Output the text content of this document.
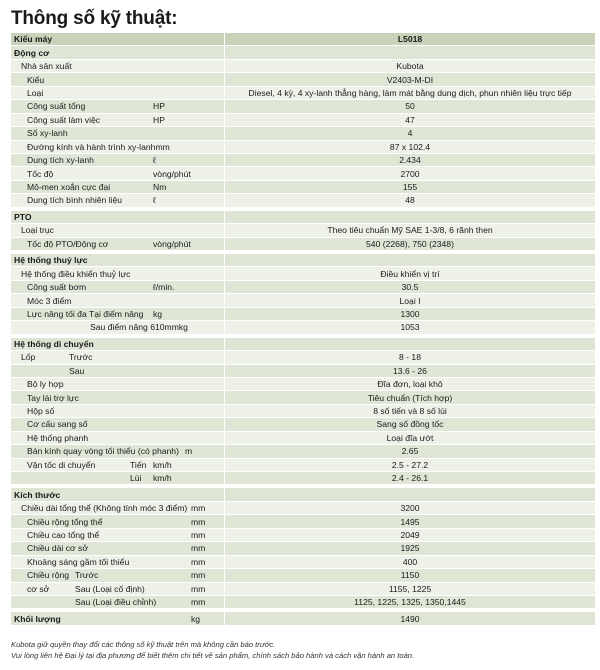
Thông số kỹ thuật:
Kiểu máy	L5018
Động cơ	

Nhà sản xuất	Kubota

Kiểu	V2403-M-DI

Loại	Diesel, 4 kỳ, 4 xy-lanh thẳng hàng, làm mát bằng dung dịch, phun nhiên liệu trực tiếp

Công suất tổng HP	50

Công suất làm việc HP	47

Số xy-lanh	4

Đường kính và hành trình xy-lanh mm	87 x 102.4

Dung tích xy-lanh ℓ	2.434

Tốc độ vòng/phút	2700

Mô-men xoắn cực đại Nm	155

Dung tích bình nhiên liệu ℓ	48

PTO	

Loại trục	Theo tiêu chuẩn Mỹ SAE 1-3/8, 6 rãnh then

Tốc độ PTO/Động cơ vòng/phút	540 (2268), 750 (2348)

Hệ thống thuỷ lực	

Hệ thống điều khiển thuỷ lực	Điều khiển vị trí

Công suất bơm ℓ/min.	30.5

Móc 3 điểm	Loại I

Lực nâng tối đa Tại điểm nâng kg	1300

Sau điểm nâng 610mm kg	1053

Hệ thống di chuyển	

Lốp Trước	8 - 18

Sau	13.6 - 26

Bộ ly hợp	Đĩa đơn, loại khô

Tay lái trợ lực	Tiêu chuẩn (Tích hợp)

Hộp số	8 số tiến và 8 số lùi

Cơ cấu sang số	Sang số đồng tốc

Hệ thống phanh	Loại đĩa ướt

Bán kính quay vòng tối thiểu (có phanh) m	2.65

Vận tốc di chuyển Tiến km/h	2.5 - 27.2

Lùi km/h	2.4 - 26.1

Kích thước	

Chiều dài tổng thể (Không tính móc 3 điểm) mm	3200

Chiều rộng tổng thể mm	1495

Chiều cao tổng thể mm	2049

Chiều dài cơ sở mm	1925

Khoảng sáng gầm tối thiểu mm	400

Chiều rộng Trước mm	1150

cơ sở Sau (Loại cố định) mm	1155, 1225

Sau (Loại điều chỉnh) mm	1125, 1225, 1325, 1350,1445

Khối lượng kg	1490
Kubota giữ quyền thay đổi các thông số kỹ thuật trên mà không cần báo trước.
Vui lòng liên hệ Đại lý tại địa phương để biết thêm chi tiết về sản phẩm, chính sách bảo hành và cách vận hành an toàn.
